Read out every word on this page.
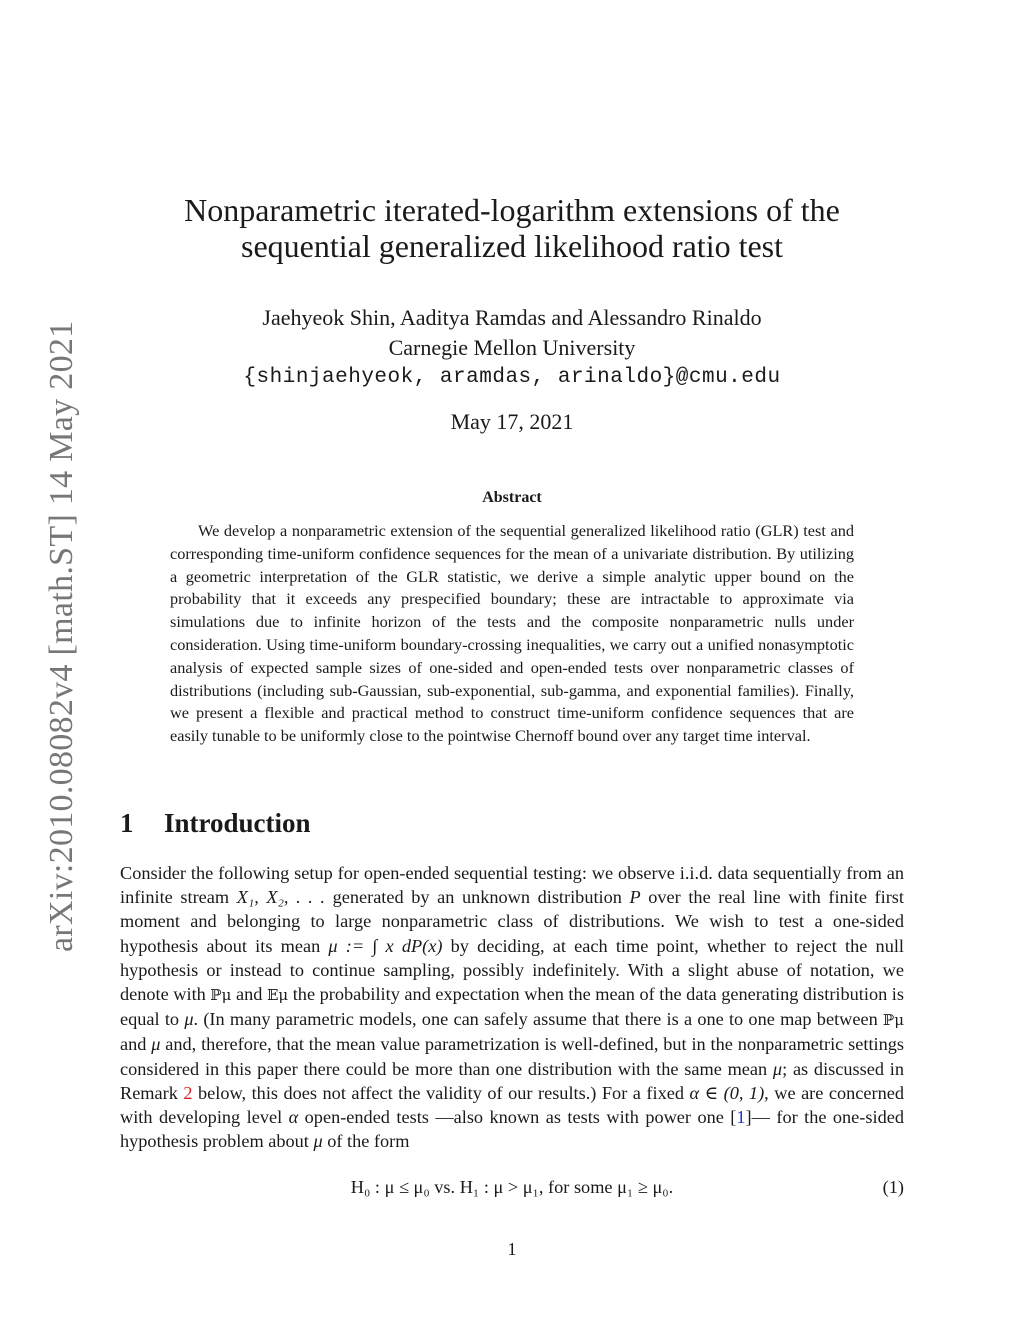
arXiv:2010.08082v4 [math.ST] 14 May 2021
Nonparametric iterated-logarithm extensions of the
sequential generalized likelihood ratio test
Jaehyeok Shin, Aaditya Ramdas and Alessandro Rinaldo
Carnegie Mellon University
{shinjaehyeok, aramdas, arinaldo}@cmu.edu
May 17, 2021
Abstract

We develop a nonparametric extension of the sequential generalized likelihood ratio (GLR) test and corresponding time-uniform confidence sequences for the mean of a univariate distribution. By utilizing a geometric interpretation of the GLR statistic, we derive a simple analytic upper bound on the probability that it exceeds any prespecified boundary; these are intractable to approximate via simulations due to infinite horizon of the tests and the composite nonparametric nulls under consideration. Using time-uniform boundary-crossing inequalities, we carry out a unified nonasymptotic analysis of expected sample sizes of one-sided and open-ended tests over nonparametric classes of distributions (including sub-Gaussian, sub-exponential, sub-gamma, and exponential families). Finally, we present a flexible and practical method to construct time-uniform confidence sequences that are easily tunable to be uniformly close to the pointwise Chernoff bound over any target time interval.

1 Introduction

Consider the following setup for open-ended sequential testing: we observe i.i.d. data sequentially from an infinite stream X₁, X₂, . . . generated by an unknown distribution P over the real line with finite first moment and belonging to large nonparametric class of distributions. We wish to test a one-sided hypothesis about its mean μ := ∫ x dP(x) by deciding, at each time point, whether to reject the null hypothesis or instead to continue sampling, possibly indefinitely. With a slight abuse of notation, we denote with ℙμ and 𝔼μ the probability and expectation when the mean of the data generating distribution is equal to μ. (In many parametric models, one can safely assume that there is a one to one map between ℙμ and μ and, therefore, that the mean value parametrization is well-defined, but in the nonparametric settings considered in this paper there could be more than one distribution with the same mean μ; as discussed in Remark 2 below, this does not affect the validity of our results.) For a fixed α ∈ (0, 1), we are concerned with developing level α open-ended tests —also known as tests with power one [1]— for the one-sided hypothesis problem about μ of the form

H₀ : μ ≤ μ₀ vs. H₁ : μ > μ₁, for some μ₁ ≥ μ₀.	(1)
1
